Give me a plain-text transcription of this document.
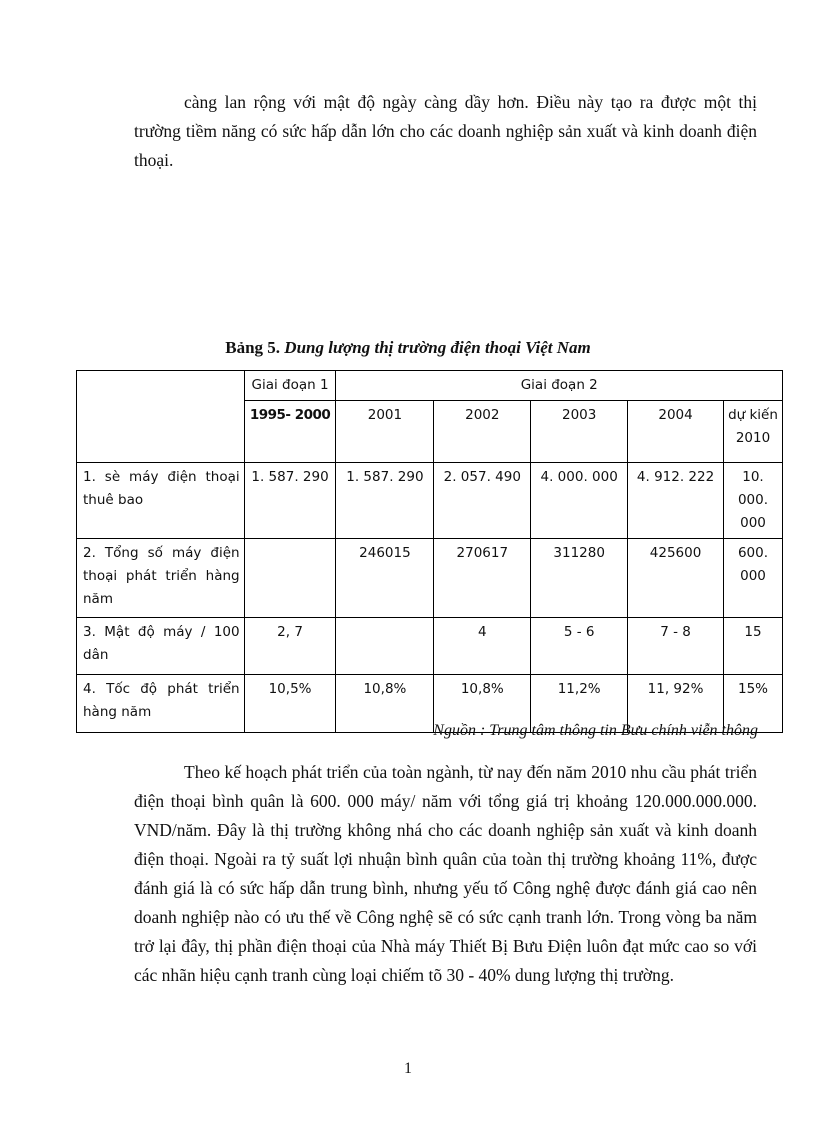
càng lan rộng với mật độ ngày càng dầy hơn. Điều này tạo ra được một thị trường tiềm năng có sức hấp dẫn lớn cho các doanh nghiệp sản xuất và kinh doanh điện thoại.

Bảng 5. Dung lượng thị trường điện thoại Việt Nam
	Giai đoạn 1	Giai đoạn 2				
	1995- 2000	2001	2002	2003	2004	dự kiến 2010
1. sè máy điện thoại thuê bao	1. 587. 290	1. 587. 290	2. 057. 490	4. 000. 000	4. 912. 222	10. 000. 000
2. Tổng số máy điện thoại phát triển hàng năm		246015	270617	311280	425600	600. 000
3. Mật độ máy / 100 dân	2, 7		4	5 - 6	7 - 8	15
4. Tốc độ phát triển hàng năm	10,5%	10,8%	10,8%	11,2%	11, 92%	15%
Nguồn : Trung tâm thông tin Bưu chính viễn thông

Theo kế hoạch phát triển của toàn ngành, từ nay đến năm 2010 nhu cầu phát triển điện thoại bình quân là 600. 000 máy/ năm với tổng giá trị khoảng 120.000.000.000. VND/năm. Đây là thị trường không nhá cho các doanh nghiệp sản xuất và kinh doanh điện thoại. Ngoài ra tỷ suất lợi nhuận bình quân của toàn thị trường khoảng 11%, được đánh giá là có sức hấp dẫn trung bình, nhưng yếu tố Công nghệ được đánh giá cao nên doanh nghiệp nào có ưu thế về Công nghệ sẽ có sức cạnh tranh lớn. Trong vòng ba năm trở lại đây, thị phần điện thoại của Nhà máy Thiết Bị Bưu Điện luôn đạt mức cao so với các nhãn hiệu cạnh tranh cùng loại chiếm tõ 30 - 40% dung lượng thị trường.

1
